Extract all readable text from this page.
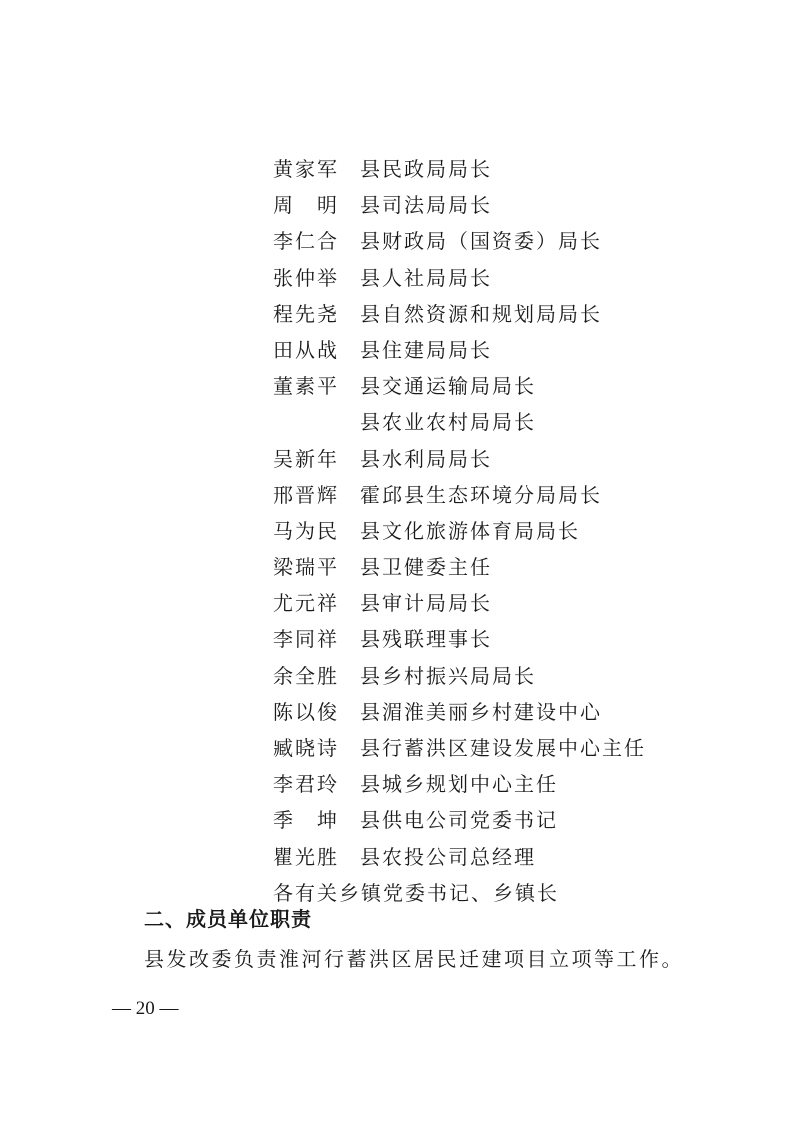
黄家军 县民政局局长
周　明 县司法局局长
李仁合 县财政局（国资委）局长
张仲举 县人社局局长
程先尧 县自然资源和规划局局长
田从战 县住建局局长
董素平 县交通运输局局长
县农业农村局局长
吴新年 县水利局局长
邢晋辉 霍邱县生态环境分局局长
马为民 县文化旅游体育局局长
梁瑞平 县卫健委主任
尤元祥 县审计局局长
李同祥 县残联理事长
余全胜 县乡村振兴局局长
陈以俊 县湄淮美丽乡村建设中心
臧晓诗 县行蓄洪区建设发展中心主任
李君玲 县城乡规划中心主任
季　坤 县供电公司党委书记
瞿光胜 县农投公司总经理
各有关乡镇党委书记、乡镇长
二、成员单位职责
县发改委负责淮河行蓄洪区居民迁建项目立项等工作。
— 20 —
